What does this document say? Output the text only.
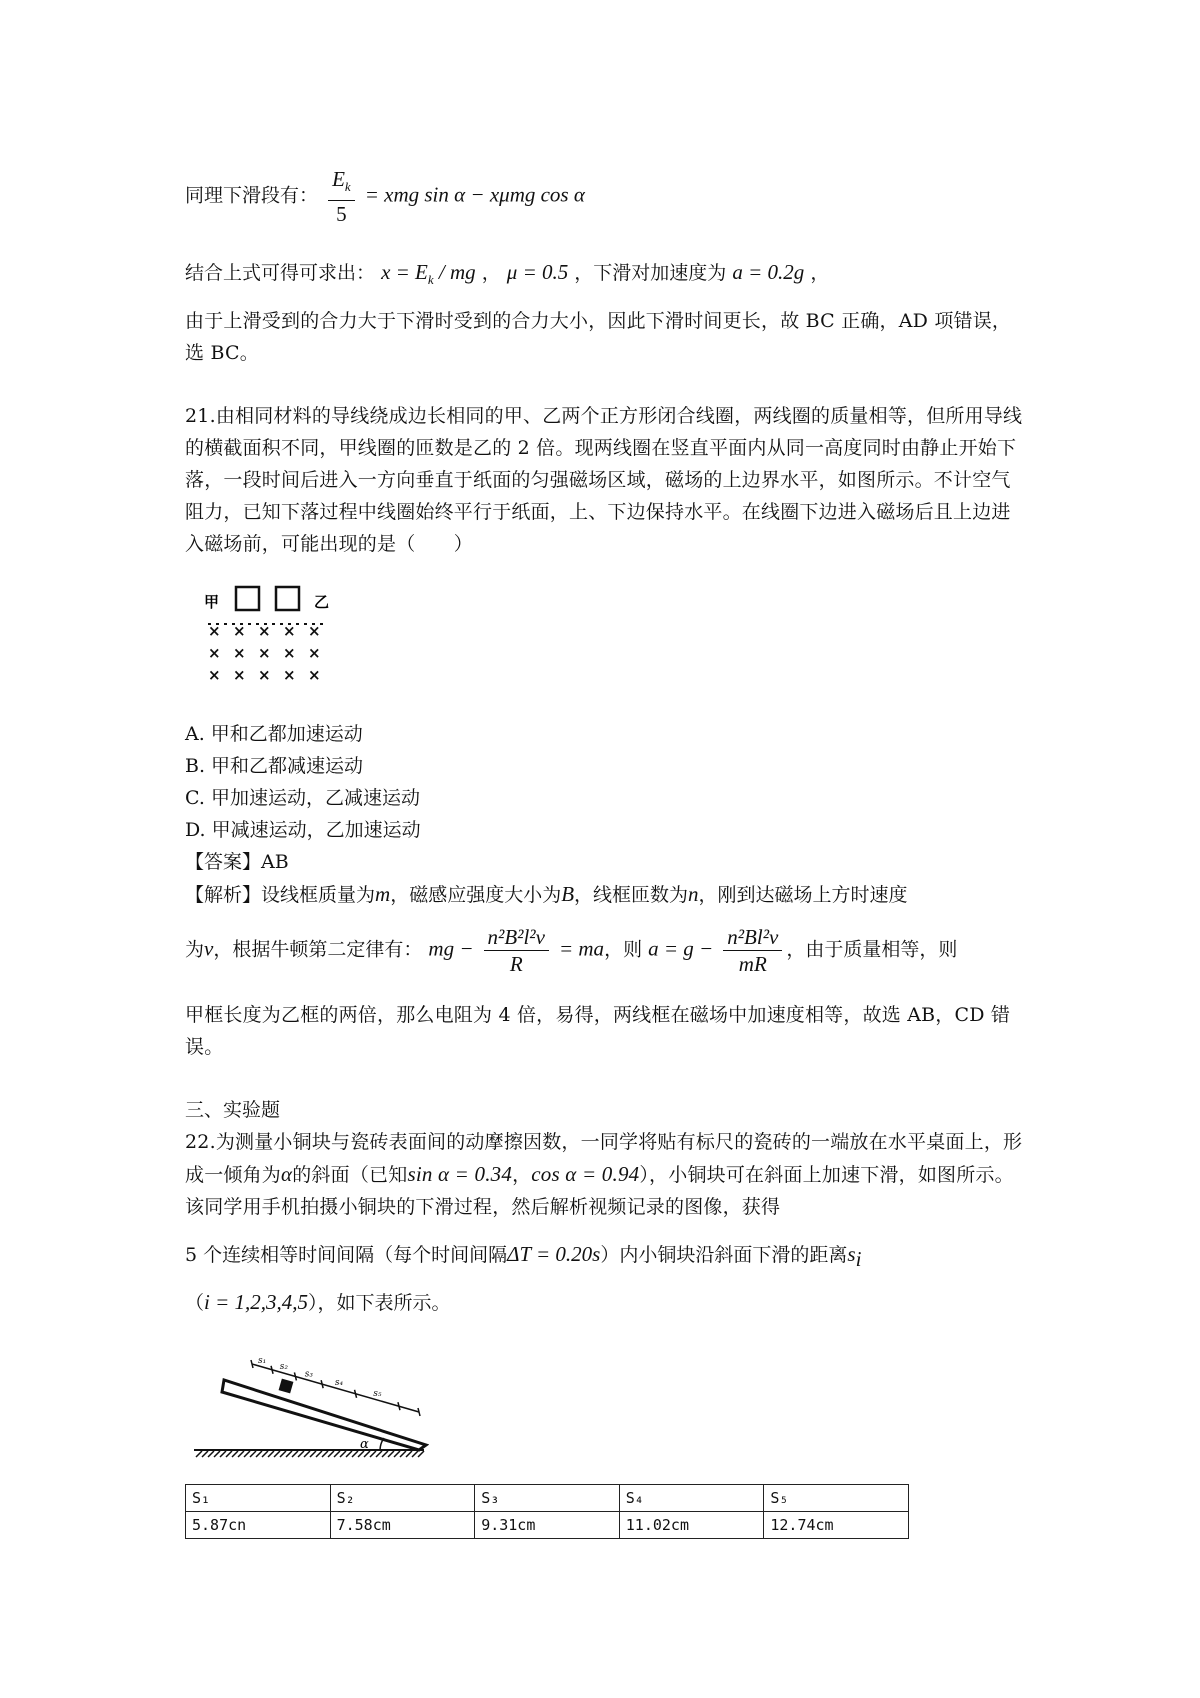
同理下滑段有： $\frac{E_k}{5}$ = xmg sin α − xμmg cos α
结合上式可得可求出： $x = E_k$ / mg ， μ = 0.5 ，下滑对加速度为 a = 0.2g ，
由于上滑受到的合力大于下滑时受到的合力大小，因此下滑时间更长，故 BC 正确，AD 项错误，选 BC。
21.由相同材料的导线绕成边长相同的甲、乙两个正方形闭合线圈，两线圈的质量相等，但所用导线的横截面积不同，甲线圈的匝数是乙的 2 倍。现两线圈在竖直平面内从同一高度同时由静止开始下落，一段时间后进入一方向垂直于纸面的匀强磁场区域，磁场的上边界水平，如图所示。不计空气阻力，已知下落过程中线圈始终平行于纸面，上、下边保持水平。在线圈下边进入磁场后且上边进入磁场前，可能出现的是（　　）
甲	乙
× × × × ×
× × × × ×
× × × × ×
A. 甲和乙都加速运动
B. 甲和乙都减速运动
C. 甲加速运动，乙减速运动
D. 甲减速运动，乙加速运动
【答案】AB
【解析】设线框质量为m，磁感应强度大小为B，线框匝数为n，刚到达磁场上方时速度
为v，根据牛顿第二定律有： mg − $\frac{\text{n²B²l²v}}{R}$ = ma，则 $a = g - \frac{\text{n²Bl²v}}{mR}$ ，由于质量相等，则
甲框长度为乙框的两倍，那么电阻为 4 倍，易得，两线框在磁场中加速度相等，故选 AB，CD 错误。
三、实验题
22.为测量小铜块与瓷砖表面间的动摩擦因数，一同学将贴有标尺的瓷砖的一端放在水平桌面上，形成一倾角为α的斜面（已知sin α = 0.34，cos α = 0.94），小铜块可在斜面上加速下滑，如图所示。该同学用手机拍摄小铜块的下滑过程，然后解析视频记录的图像，获得
5 个连续相等时间间隔（每个时间间隔ΔT = 0.20s）内小铜块沿斜面下滑的距离$s_i$
（i = 1,2,3,4,5），如下表所示。
s₁
s₂
s₃
s₄
s₅
α
S₁	S₂	S₃	S₄	S₅
5.87cn	7.58cm	9.31cm	11.02cm	12.74cm
